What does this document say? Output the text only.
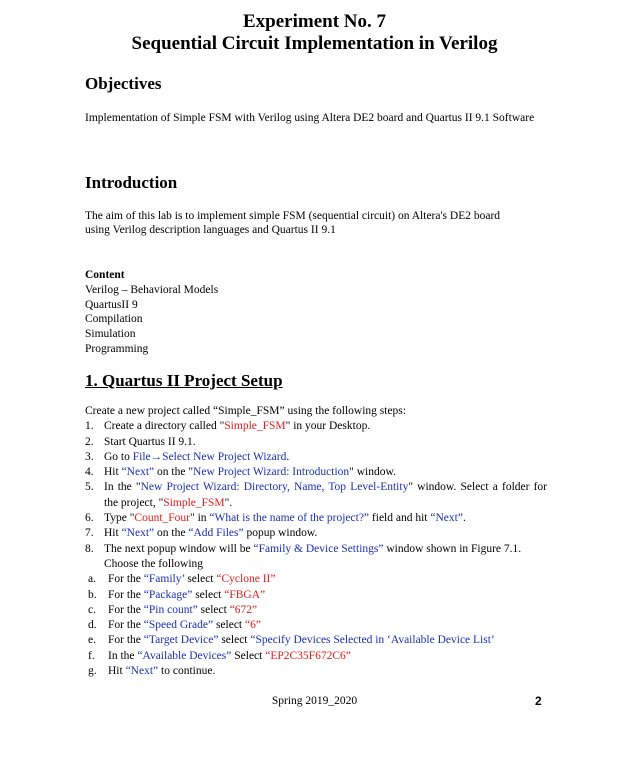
Experiment No. 7
Sequential Circuit Implementation in Verilog
Objectives
Implementation of Simple FSM with Verilog using Altera DE2 board and Quartus II 9.1 Software
Introduction
The aim of this lab is to implement simple FSM (sequential circuit) on Altera's DE2 board using Verilog description languages and Quartus II 9.1
Content
Verilog – Behavioral Models
QuartusII 9
Compilation
Simulation
Programming
1. Quartus II Project Setup
Create a new project called “Simple_FSM” using the following steps:
1. Create a directory called "Simple_FSM" in your Desktop.
2. Start Quartus II 9.1.
3. Go to File→Select New Project Wizard.
4. Hit “Next” on the "New Project Wizard: Introduction" window.
5. In the "New Project Wizard: Directory, Name, Top Level-Entity" window. Select a folder for the project, "Simple_FSM".
6. Type "Count_Four" in “What is the name of the project?” field and hit “Next”.
7. Hit “Next” on the “Add Files” popup window.
8. The next popup window will be “Family & Device Settings” window shown in Figure 7.1. Choose the following
a.	For the “Family’ select “Cyclone II”
b. For the “Package” select “FBGA”
c.	For the “Pin count” select “672”
d. For the “Speed Grade” select “6”
e.	For the “Target Device” select “Specify Devices Selected in ‘Available Device List’
f.	In the “Available Devices” Select “EP2C35F672C6”
g. Hit “Next” to continue.
Spring 2019_2020	2
